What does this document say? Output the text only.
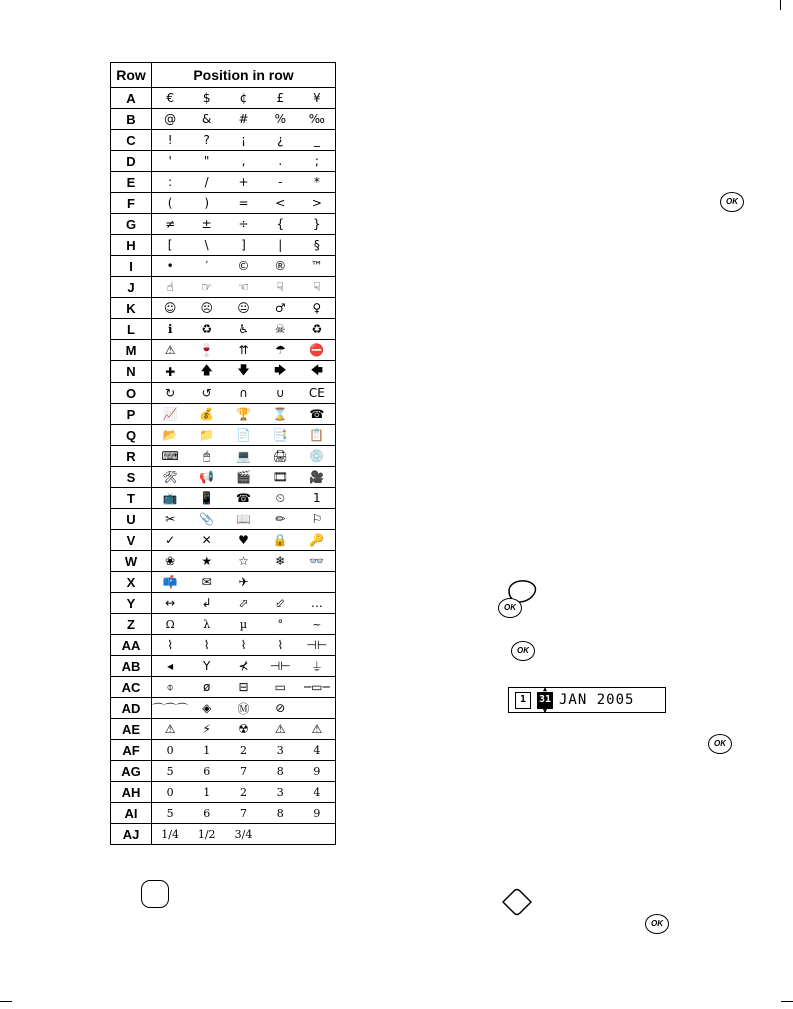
Row	Position in row				
A	€	$	¢	£	¥
B	@	&	#	%	‰
C	!	?	¡	¿	_
D	'	"	,	.	;
E	:	/	+	-	*
F	(	)	=	<	>
G	≠	±	÷	{	}
H	[	\	]	|	§
I	•	′	©	®	™
J	☝	☞	☜	☟	☟
K	☺	☹	😐	♂	♀
L	ℹ	♻	♿	☠	♻
M	⚠	🍷	⇈	☂	⛔
N	✚	🡅	🡇	🡆	🡄
O	↻	↺	∩	∪	CE
P	📈	💰	🏆	⌛	☎
Q	📂	📁	📄	📑	📋
R	⌨	🖱	💻	🖨	💿
S	🛠	📢	🎬	🎞	🎥
T	📺	📱	☎	⏲	1
U	✂	📎	📖	✏	⚐
V	✓	✕	♥	🔒	🔑
W	❀	★	☆	❄	👓
X	📫	✉	✈		
Y	↔	↲	⬀	⬃	…
Z	Ω	λ	µ	°	~
AA	⌇	⌇	⌇	⌇	⊣⊢
AB	◂	Y	⊀	⊣⊢	⏚
AC	⌽	ø	⊟	▭	─▭─
AD	⌒⌒⌒	◈	Ⓜ	⊘	
AE	⚠	⚡	☢	⚠	⚠
AF	0	1	2	3	4
AG	5	6	7	8	9
AH	0	1	2	3	4
AI	5	6	7	8	9
AJ	1/4	1/2	3/4		
OK
OK
OK
1
▲
31
▼
JAN 2005
OK
OK
